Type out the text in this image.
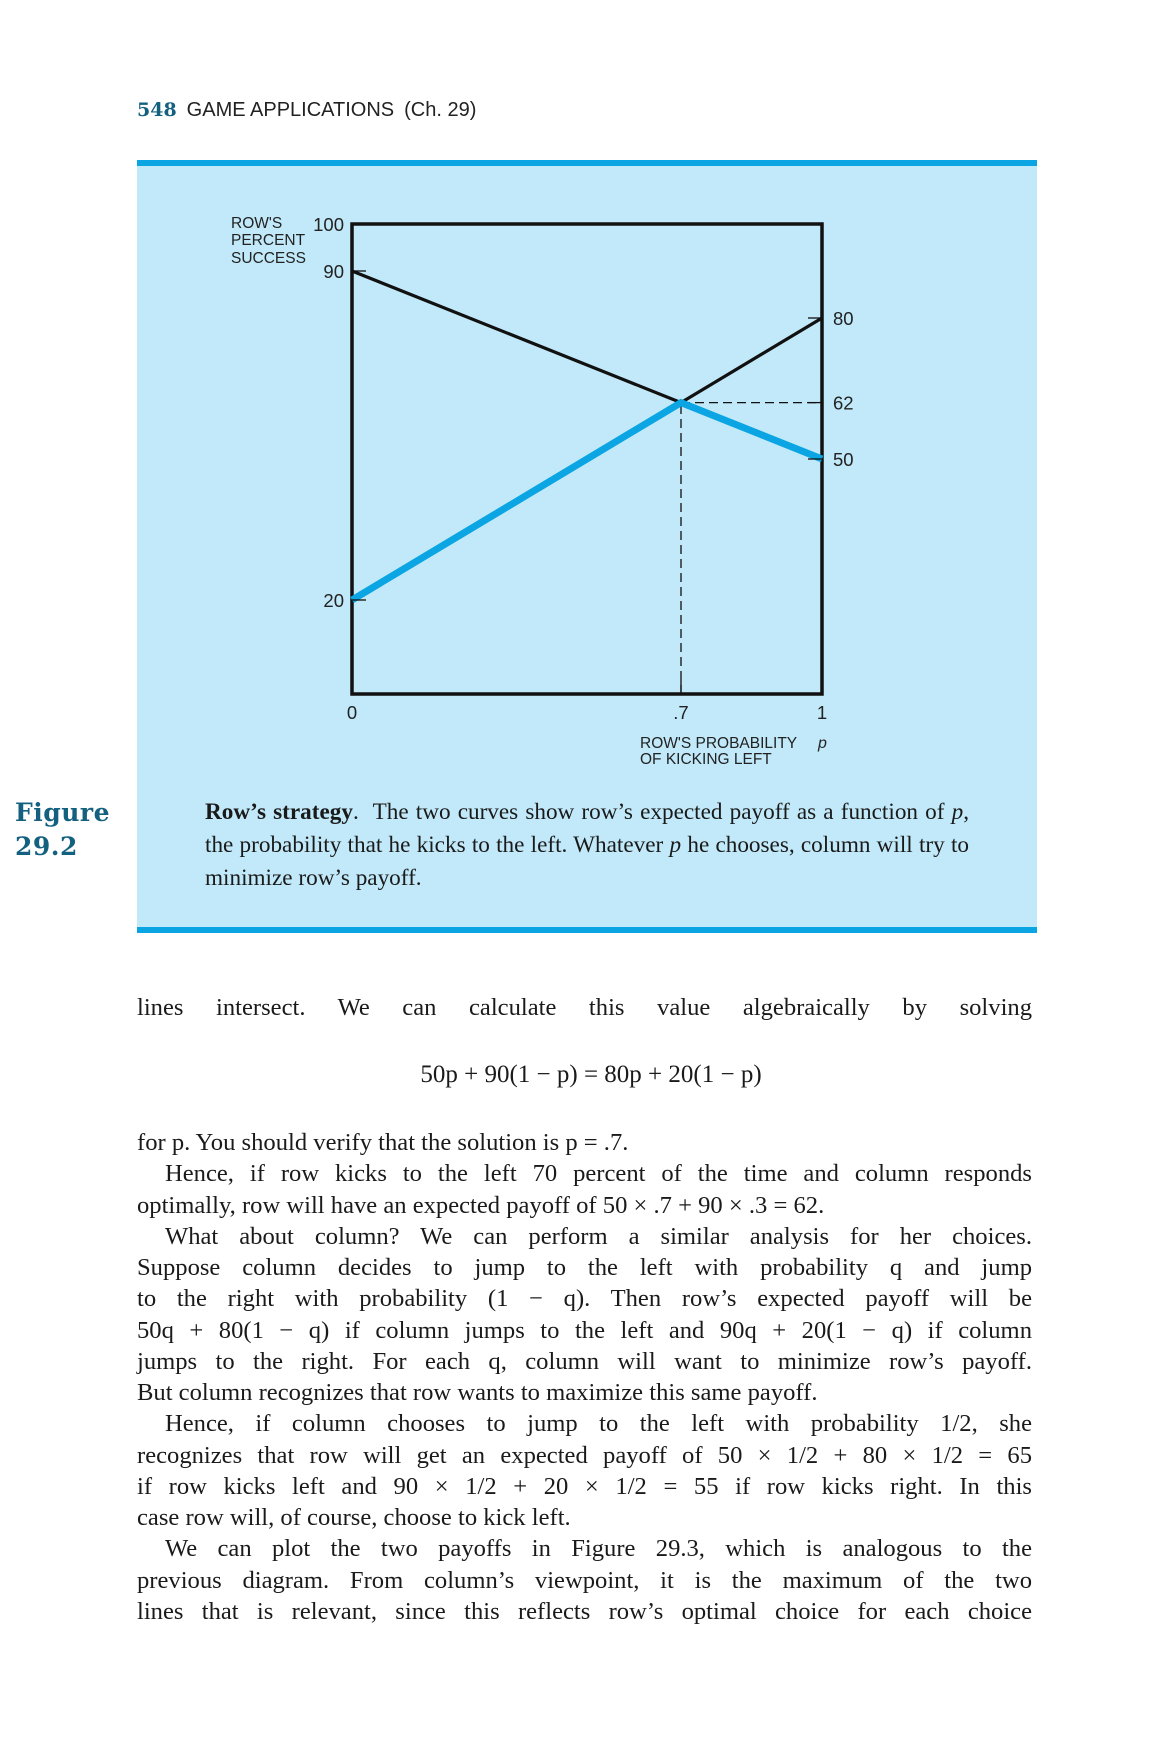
548 GAME APPLICATIONS (Ch. 29)
100
90
20
80
62
50
0	.7	1
ROW'S
PERCENT
SUCCESS
ROW'S PROBABILITY
OF KICKING LEFT
p
Figure
29.2
Row’s strategy.  The two curves show row’s expected payoff as a function of p, the probability that he kicks to the left. Whatever p he chooses, column will try to minimize row’s payoff.
lines intersect. We can calculate this value algebraically by solving
50p + 90(1 − p) = 80p + 20(1 − p)
for p. You should verify that the solution is p = .7.
Hence, if row kicks to the left 70 percent of the time and column responds
optimally, row will have an expected payoff of 50 × .7 + 90 × .3 = 62.
What about column? We can perform a similar analysis for her choices.
Suppose column decides to jump to the left with probability q and jump
to the right with probability (1 − q). Then row’s expected payoff will be
50q + 80(1 − q) if column jumps to the left and 90q + 20(1 − q) if column
jumps to the right. For each q, column will want to minimize row’s payoff.
But column recognizes that row wants to maximize this same payoff.
Hence, if column chooses to jump to the left with probability 1/2, she
recognizes that row will get an expected payoff of 50 × 1/2 + 80 × 1/2 = 65
if row kicks left and 90 × 1/2 + 20 × 1/2 = 55 if row kicks right. In this
case row will, of course, choose to kick left.
We can plot the two payoffs in Figure 29.3, which is analogous to the
previous diagram. From column’s viewpoint, it is the maximum of the two
lines that is relevant, since this reflects row’s optimal choice for each choice
